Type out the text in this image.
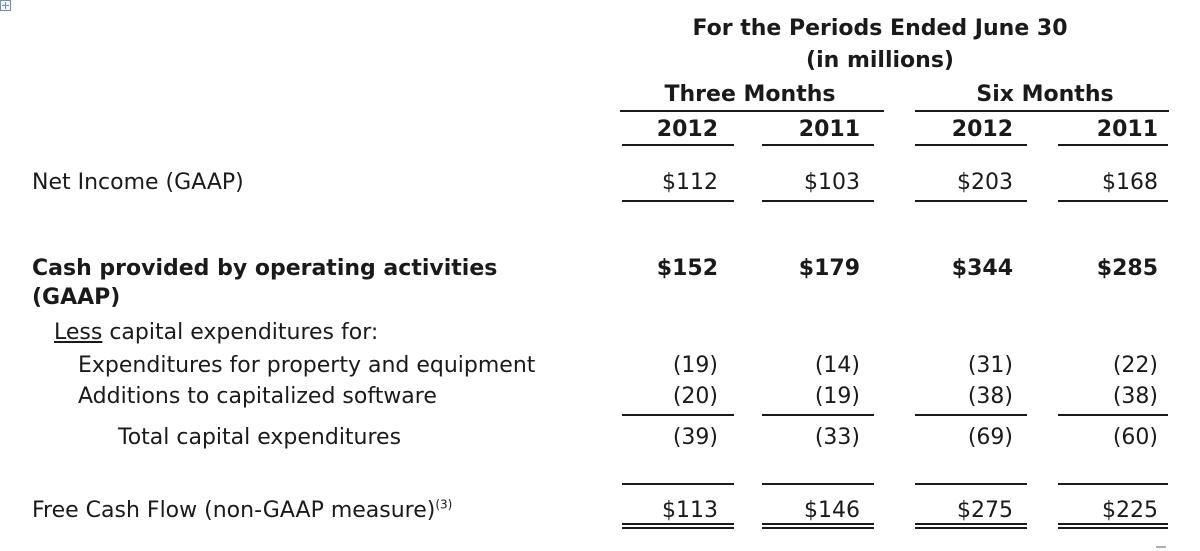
For the Periods Ended June 30
(in millions)
Three Months	Six Months
2012	2011	2012	2011
Net Income (GAAP)	$112	$103	$203	$168
Cash provided by operating activities
(GAAP)
$152	$179	$344	$285
Less capital expenditures for:
Expenditures for property and equipment	(19)	(14)	(31)	(22)
Additions to capitalized software	(20)	(19)	(38)	(38)
Total capital expenditures	(39)	(33)	(69)	(60)
Free Cash Flow (non-GAAP measure)$^{(3)}$	$113	$146	$275	$225
